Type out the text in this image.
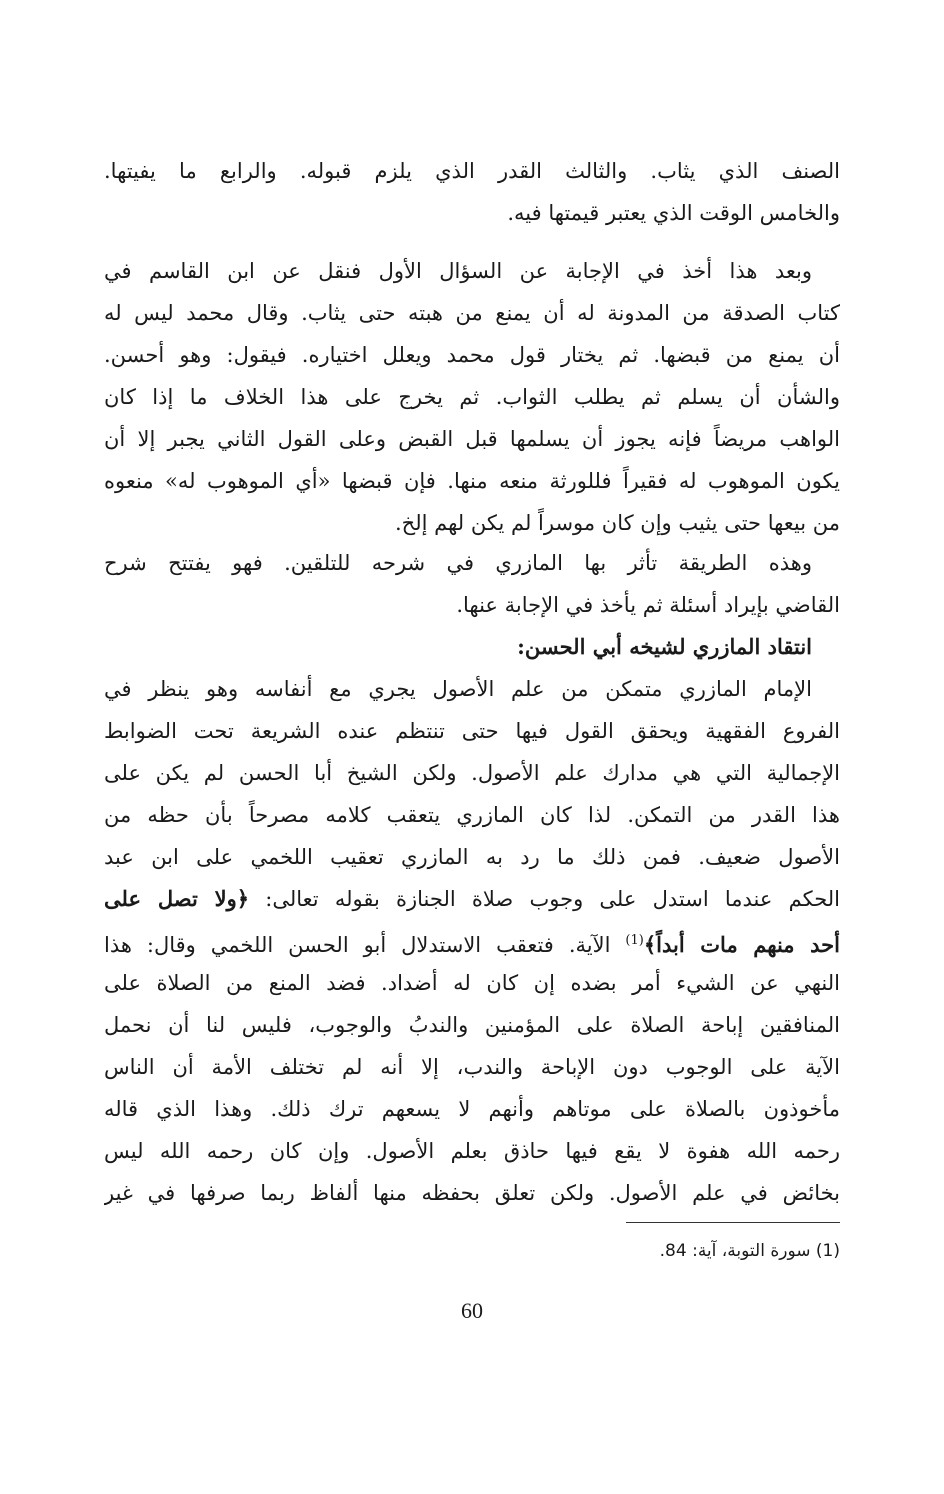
الصنف الذي يثاب. والثالث القدر الذي يلزم قبوله. والرابع ما يفيتها.
والخامس الوقت الذي يعتبر قيمتها فيه.
وبعد هذا أخذ في الإجابة عن السؤال الأول فنقل عن ابن القاسم في
كتاب الصدقة من المدونة له أن يمنع من هبته حتى يثاب. وقال محمد ليس له
أن يمنع من قبضها. ثم يختار قول محمد ويعلل اختياره. فيقول: وهو أحسن.
والشأن أن يسلم ثم يطلب الثواب. ثم يخرج على هذا الخلاف ما إذا كان
الواهب مريضاً فإنه يجوز أن يسلمها قبل القبض وعلى القول الثاني يجبر إلا أن
يكون الموهوب له فقيراً فللورثة منعه منها. فإن قبضها «أي الموهوب له» منعوه
من بيعها حتى يثيب وإن كان موسراً لم يكن لهم إلخ.
وهذه الطريقة تأثر بها المازري في شرحه للتلقين. فهو يفتتح شرح
القاضي بإيراد أسئلة ثم يأخذ في الإجابة عنها.
انتقاد المازري لشيخه أبي الحسن:
الإمام المازري متمكن من علم الأصول يجري مع أنفاسه وهو ينظر في
الفروع الفقهية ويحقق القول فيها حتى تنتظم عنده الشريعة تحت الضوابط
الإجمالية التي هي مدارك علم الأصول. ولكن الشيخ أبا الحسن لم يكن على
هذا القدر من التمكن. لذا كان المازري يتعقب كلامه مصرحاً بأن حظه من
الأصول ضعيف. فمن ذلك ما رد به المازري تعقيب اللخمي على ابن عبد
الحكم عندما استدل على وجوب صلاة الجنازة بقوله تعالى: ﴿ولا تصل على
أحد منهم مات أبداً﴾$^{(1)}$ الآية. فتعقب الاستدلال أبو الحسن اللخمي وقال: هذا
النهي عن الشيء أمر بضده إن كان له أضداد. فضد المنع من الصلاة على
المنافقين إباحة الصلاة على المؤمنين والندبُ والوجوب، فليس لنا أن نحمل
الآية على الوجوب دون الإباحة والندب، إلا أنه لم تختلف الأمة أن الناس
مأخوذون بالصلاة على موتاهم وأنهم لا يسعهم ترك ذلك. وهذا الذي قاله
رحمه الله هفوة لا يقع فيها حاذق بعلم الأصول. وإن كان رحمه الله ليس
بخائض في علم الأصول. ولكن تعلق بحفظه منها ألفاظ ربما صرفها في غير
(1) سورة التوبة، آية: 84.
60
